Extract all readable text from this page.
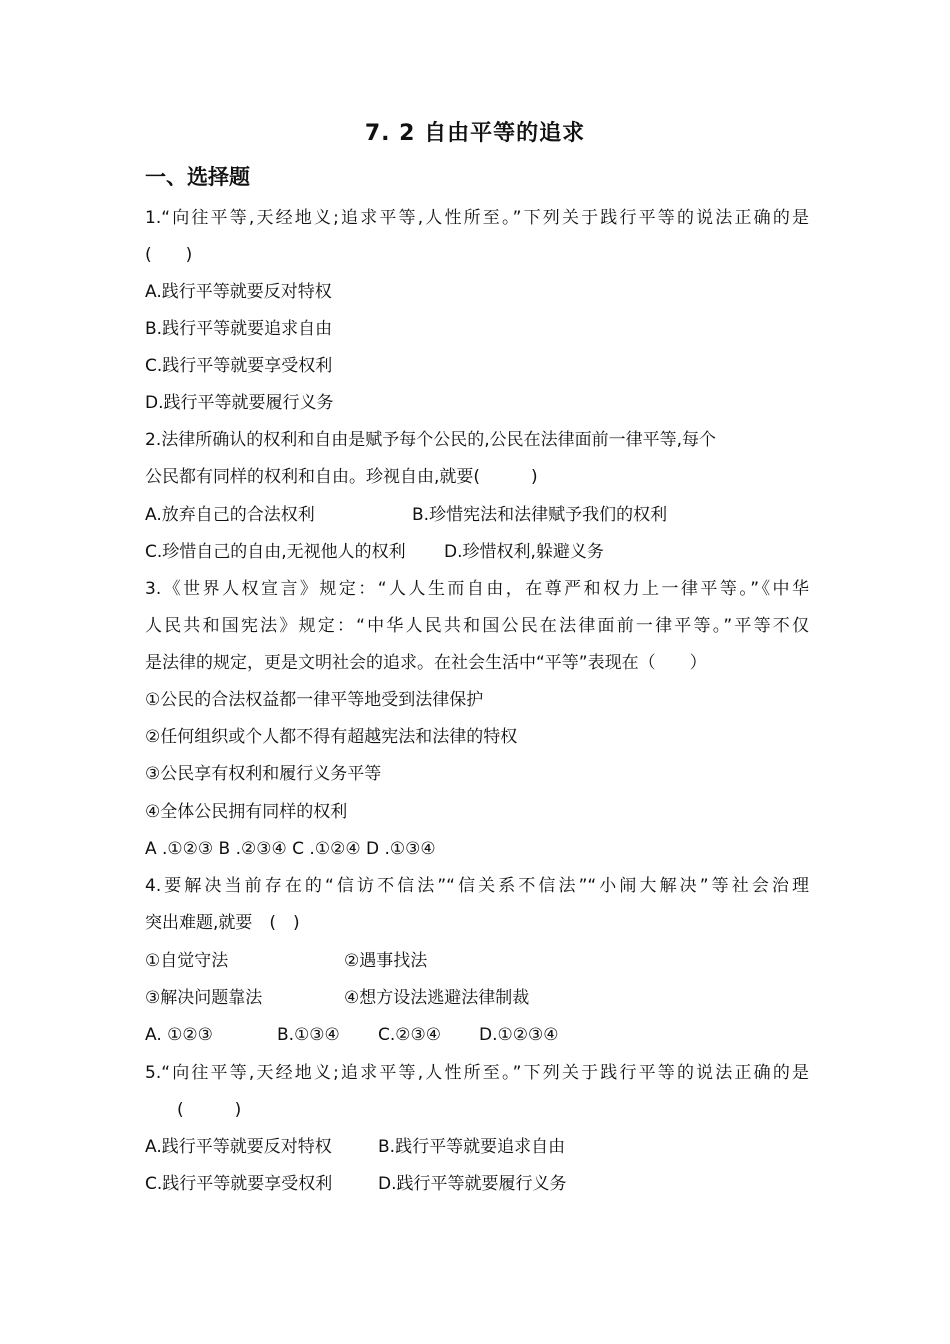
7. 2 自由平等的追求
一、选择题
1.“向往平等,天经地义;追求平等,人性所至。”下列关于践行平等的说法正确的是
(　　)
A.践行平等就要反对特权
B.践行平等就要追求自由
C.践行平等就要享受权利
D.践行平等就要履行义务
2.法律所确认的权利和自由是赋予每个公民的,公民在法律面前一律平等,每个
公民都有同样的权利和自由。珍视自由,就要(　　　)
A.放弃自己的合法权利	B.珍惜宪法和法律赋予我们的权利
C.珍惜自己的自由,无视他人的权利 D.珍惜权利,躲避义务
3.《世界人权宣言》规定：“人人生而自由，在尊严和权力上一律平等。”《中华
人民共和国宪法》规定：“中华人民共和国公民在法律面前一律平等。”平等不仅
是法律的规定，更是文明社会的追求。在社会生活中“平等”表现在（　　）
①公民的合法权益都一律平等地受到法律保护
②任何组织或个人都不得有超越宪法和法律的特权
③公民享有权利和履行义务平等
④全体公民拥有同样的权利
A .①②③ B .②③④ C .①②④ D .①③④
4.要解决当前存在的“信访不信法”“信关系不信法”“小闹大解决”等社会治理
突出难题,就要　(　)
①自觉守法	②遇事找法
③解决问题靠法	④想方设法逃避法律制裁
A. ①②③	B.①③④ C.②③④ D.①②③④
5.“向往平等,天经地义;追求平等,人性所至。”下列关于践行平等的说法正确的是
(　　　)
A.践行平等就要反对特权	B.践行平等就要追求自由
C.践行平等就要享受权利	D.践行平等就要履行义务
